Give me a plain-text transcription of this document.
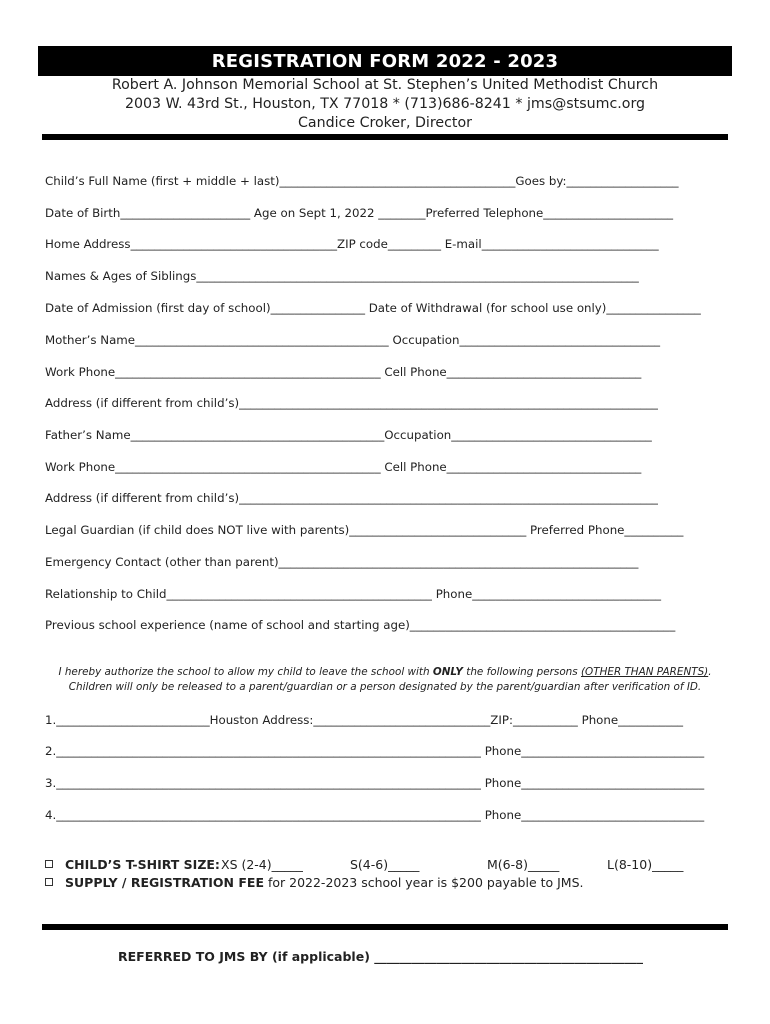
REGISTRATION FORM 2022 - 2023
Robert A. Johnson Memorial School at St. Stephen’s United Methodist Church
2003 W. 43rd St., Houston, TX 77018 * (713)686-8241 * jms@stsumc.org
Candice Croker, Director
Child’s Full Name (first + middle + last)________________________________________Goes by:___________________
Date of Birth______________________ Age on Sept 1, 2022 ________Preferred Telephone______________________
Home Address___________________________________ZIP code_________ E-mail______________________________
Names & Ages of Siblings___________________________________________________________________________
Date of Admission (first day of school)________________ Date of Withdrawal (for school use only)________________
Mother’s Name___________________________________________ Occupation__________________________________
Work Phone_____________________________________________ Cell Phone_________________________________
Address (if different from child’s)_______________________________________________________________________
Father’s Name___________________________________________Occupation__________________________________
Work Phone_____________________________________________ Cell Phone_________________________________
Address (if different from child’s)_______________________________________________________________________
Legal Guardian (if child does NOT live with parents)______________________________ Preferred Phone__________
Emergency Contact (other than parent)_____________________________________________________________
Relationship to Child_____________________________________________ Phone________________________________
Previous school experience (name of school and starting age)_____________________________________________
I hereby authorize the school to allow my child to leave the school with ONLY the following persons (OTHER THAN PARENTS).
Children will only be released to a parent/guardian or a person designated by the parent/guardian after verification of ID.
1.__________________________Houston Address:______________________________ZIP:___________ Phone___________
2.________________________________________________________________________ Phone_______________________________
3.________________________________________________________________________ Phone_______________________________
4.________________________________________________________________________ Phone_______________________________
CHILD’S T-SHIRT SIZE: XS (2-4)_____	S(4-6)_____	M(6-8)_____	L(8-10)_____
SUPPLY / REGISTRATION FEE for 2022-2023 school year is $200 payable to JMS.
REFERRED TO JMS BY (if applicable) ___________________________________________
